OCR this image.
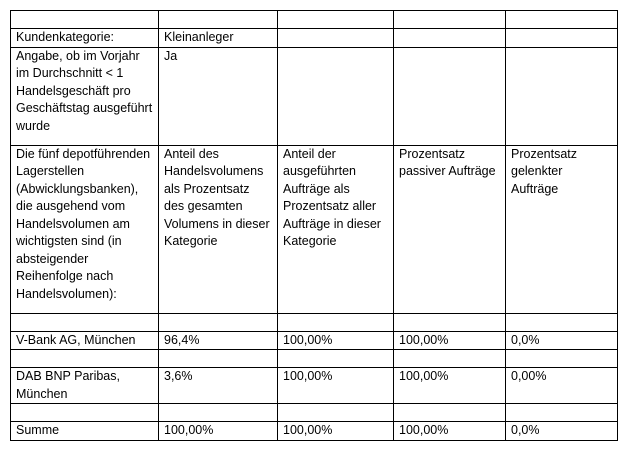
Kundenkategorie:	Kleinanleger			
Angabe, ob im Vorjahr im Durchschnitt < 1 Handelsgeschäft pro Geschäftstag ausgeführt wurde	Ja			
Die fünf depotführenden Lagerstellen (Abwicklungsbanken), die ausgehend vom Handelsvolumen am wichtigsten sind (in absteigender Reihenfolge nach Handelsvolumen):	Anteil des Handelsvolumens als Prozentsatz des gesamten Volumens in dieser Kategorie	Anteil der ausgeführten Aufträge als Prozentsatz aller Aufträge in dieser Kategorie	Prozentsatz passiver Aufträge	Prozentsatz gelenkter Aufträge

V-Bank AG, München	96,4%	100,00%	100,00%	0,0%

DAB BNP Paribas, München	3,6%	100,00%	100,00%	0,00%

Summe	100,00%	100,00%	100,00%	0,0%
